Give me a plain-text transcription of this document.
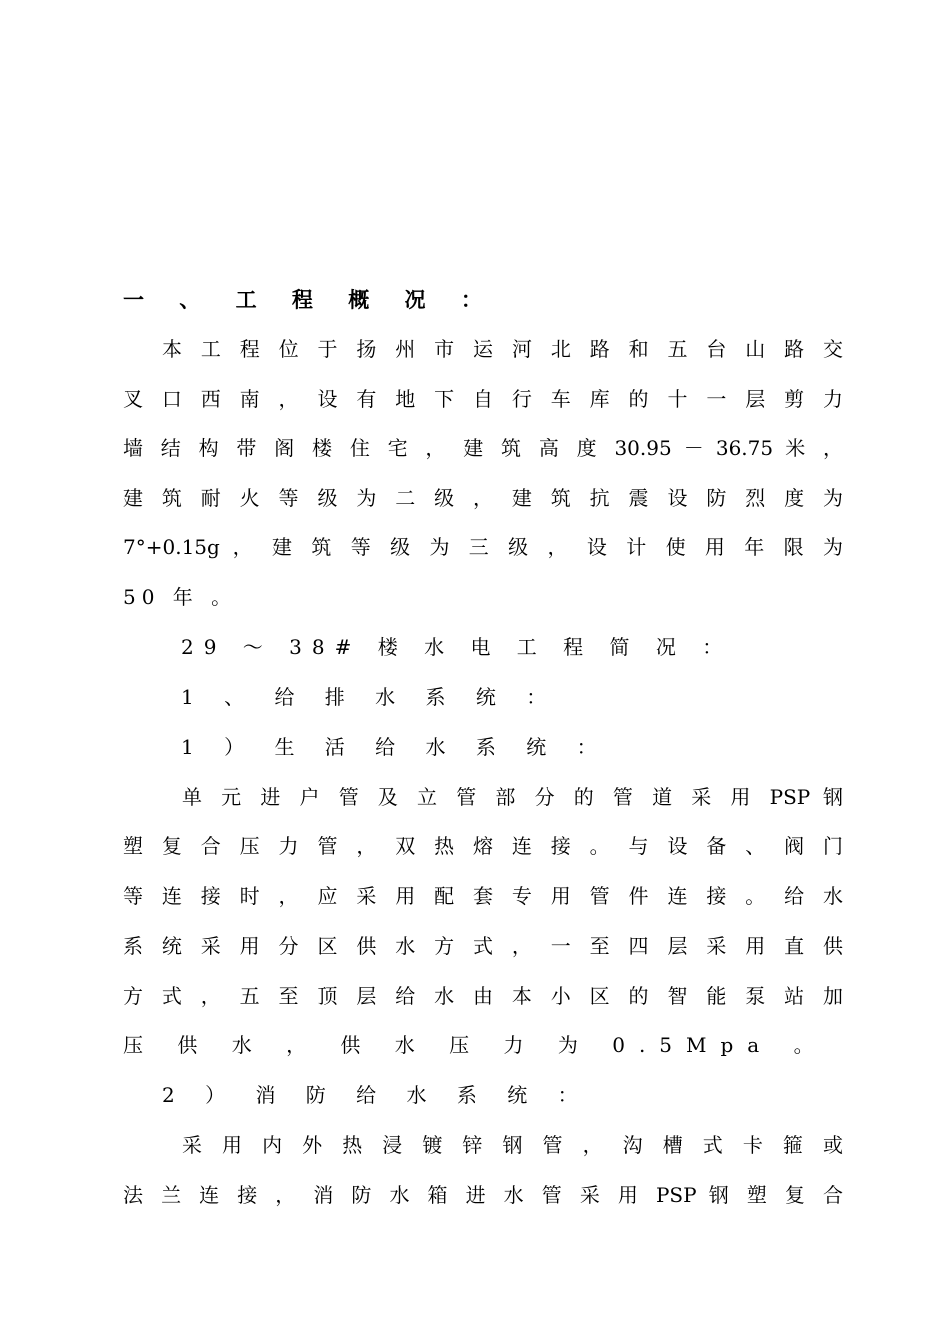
一 、 工 程 概 况 ：
本 工 程 位 于 扬 州 市 运 河 北 路 和 五 台 山 路 交
叉 口 西 南 ， 设 有 地 下 自 行 车 库 的 十 一 层 剪 力
墙 结 构 带 阁 楼 住 宅 ， 建 筑 高 度 30.95 － 36.75 米 ，
建 筑 耐 火 等 级 为 二 级 ， 建 筑 抗 震 设 防 烈 度 为
7°+0.15g ， 建 筑 等 级 为 三 级 ， 设 计 使 用 年 限 为
50 年 。
29 ～ 38# 楼 水 电 工 程 简 况 ：
1 、 给 排 水 系 统 ：
1 ） 生 活 给 水 系 统 ：
单 元 进 户 管 及 立 管 部 分 的 管 道 采 用 PSP 钢
塑 复 合 压 力 管 ， 双 热 熔 连 接 。 与 设 备 、 阀 门
等 连 接 时 ， 应 采 用 配 套 专 用 管 件 连 接 。 给 水
系 统 采 用 分 区 供 水 方 式 ， 一 至 四 层 采 用 直 供
方 式 ， 五 至 顶 层 给 水 由 本 小 区 的 智 能 泵 站 加
压 供 水 ， 供 水 压 力 为 0.5Mpa 。
2 ） 消 防 给 水 系 统 ：
采 用 内 外 热 浸 镀 锌 钢 管 ， 沟 槽 式 卡 箍 或
法 兰 连 接 ， 消 防 水 箱 进 水 管 采 用 PSP 钢 塑 复 合
